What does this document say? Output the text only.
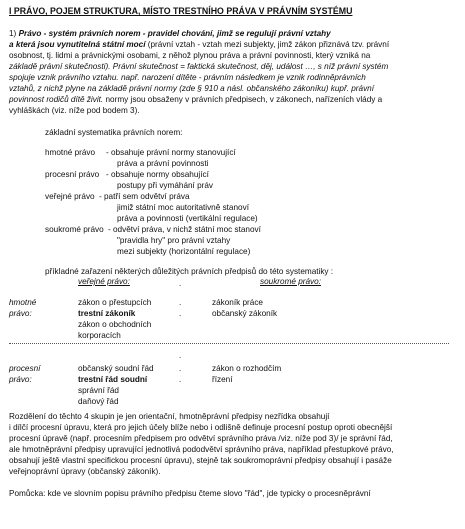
I PRÁVO, POJEM STRUKTURA, MÍSTO TRESTNÍHO PRÁVA V PRÁVNÍM SYSTÉMU
1) Právo - systém právních norem - pravidel chování, jimž se regulují právní vztahy
a která jsou vynutitelná státní mocí (právní vztah - vztah mezi subjekty, jimž zákon přiznává tzv. právní
osobnost, tj. lidmi a právnickými osobami, z něhož plynou práva a právní povinnosti, který vzniká na
základě právní skutečnosti). Právní skutečnost = faktická skutečnost, děj, událost …, s níž právní systém
spojuje vznik právního vztahu. např. narození dítěte - právním následkem je vznik rodinněprávních
vztahů, z nichž plyne na základě právní normy (zde § 910 a násl. občanského zákoníku) kupř. právní
povinnost rodičů dítě živit. normy jsou obsaženy v právních předpisech, v zákonech, nařízeních vlády a
vyhláškách (viz. níže pod bodem 3).
základní systematika právních norem:
hmotné právo - obsahuje právní normy stanovující
práva a právní povinnosti
procesní právo - obsahuje normy obsahující
postupy při vymáhání práv
veřejné právo - patří sem odvětví práva
jimiž státní moc autoritativně stanoví
práva a povinnosti (vertikální regulace)
soukromé právo - odvětví práva, v nichž státní moc stanoví
"pravidla hry" pro právní vztahy
mezi subjekty (horizontální regulace)
příkladné zařazení některých důležitých právních předpisů do této systematiky :
veřejné právo:	soukromé právo:
.
hmotné
právo:
zákon o přestupcích
trestní zákoník
zákon o obchodních
korporacích
.
.
zákoník práce
občanský zákoník
.
procesní
právo:
občanský soudní řád
trestní řád soudní
správní řád
daňový řád
.
.
zákon o rozhodčím
řízení
Rozdělení do těchto 4 skupin je jen orientační, hmotněprávní předpisy nezřídka obsahují
i dílčí procesní úpravu, která pro jejich účely blíže nebo i odlišně definuje procesní postup oproti obecnější
procesní úpravě (např. procesním předpisem pro odvětví správního práva /viz. níže pod 3)/ je správní řád,
ale hmotněprávní předpisy upravující jednotlivá pododvětví správního práva, například přestupkové právo,
obsahují ještě vlastní specifickou procesní úpravu), stejně tak soukromoprávní předpisy obsahují i pasáže
veřejnoprávní úpravy (občanský zákoník).
Pomůcka: kde ve slovním popisu právního předpisu čteme slovo "řád", jde typicky o procesněprávní
